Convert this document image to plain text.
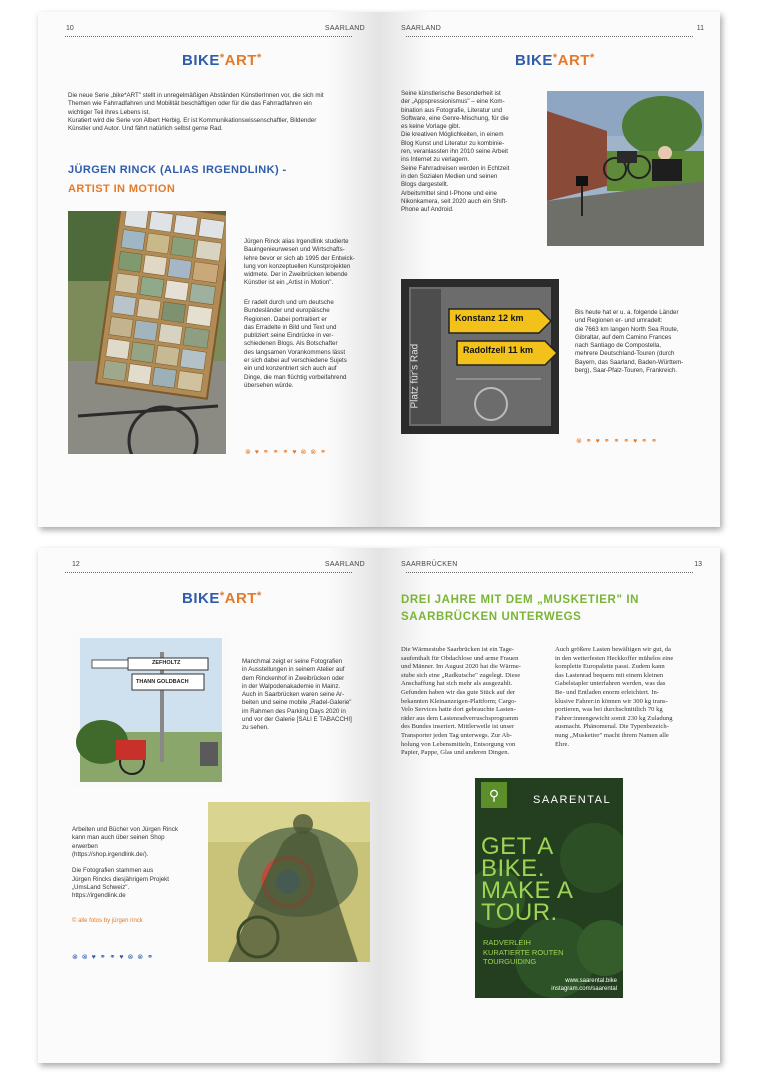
10	SAARLAND
BIKE*ART*
Die neue Serie „bike*ART" stellt in unregelmäßigen Abständen KünstlerInnen vor, die sich mit
Themen wie Fahrradfahren und Mobilität beschäftigen oder für die das Fahrradfahren ein
wichtiger Teil ihres Lebens ist.
Kuratiert wird die Serie von Albert Herbig. Er ist Kommunikationswissenschaftler, Bildender
Künstler und Autor. Und fährt natürlich selbst gerne Rad.
JÜRGEN RINCK (ALIAS IRGENDLINK) -
ARTIST IN MOTION
Jürgen Rinck alias Irgendlink studierte
Bauingenieurwesen und Wirtschafts-
lehre bevor er sich ab 1995 der Entwick-
lung von konzeptuellen Kunstprojekten
widmete. Der in Zweibrücken lebende
Künstler ist ein „Artist in Motion".
Er radelt durch und um deutsche
Bundesländer und europäische
Regionen. Dabei portraitiert er
das Erradelte in Bild und Text und
publiziert seine Eindrücke in ver-
schiedenen Blogs. Als Botschafter
des langsamen Vorankommens lässt
er sich dabei auf verschiedene Sujets
ein und konzentriert sich auch auf
Dinge, die man flüchtig vorbeifahrend
übersehen würde.
⊗ ♥ ⚭ ⚭ ⚭ ♥ ⊗ ⊗ ⚭
SAARLAND	11
BIKE*ART*
Seine künstlerische Besonderheit ist
der „Appspressionismus" – eine Kom-
bination aus Fotografie, Literatur und
Software, eine Genre-Mischung, für die
es keine Vorlage gibt.
Die kreativen Möglichkeiten, in einem
Blog Kunst und Literatur zu kombinie-
ren, veranlassten ihn 2010 seine Arbeit
ins Internet zu verlagern.
Seine Fahrradreisen werden in Echtzeit
in den Sozialen Medien und seinen
Blogs dargestellt.
Arbeitsmittel sind I-Phone und eine
Nikonkamera, seit 2020 auch ein Shift-
Phone auf Android.
Konstanz 12 km
Radolfzell 11 km
Platz für's Rad
Bis heute hat er u. a. folgende Länder
und Regionen er- und umradelt:
die 7663 km langen North Sea Route,
Gibraltar, auf dem Camino Frances
nach Santiago de Compostella,
mehrere Deutschland-Touren (durch
Bayern, das Saarland, Baden-Württem-
berg), Saar-Pfalz-Touren, Frankreich.
⊗ ⚭ ♥ ⚭ ⚭ ⚭ ♥ ⚭ ⚭
12	SAARLAND
BIKE*ART*
ZEFHOLTZ
THANN GOLDBACH
Manchmal zeigt er seine Fotografien
in Ausstellungen in seinem Atelier auf
dem Rinckenhof in Zweibrücken oder
in der Walpodenakademie in Mainz.
Auch in Saarbrücken waren seine Ar-
beiten und seine mobile „Radel-Galerie"
im Rahmen des Parking Days 2020 in
und vor der Galerie [SALI E TABACCHI]
zu sehen.
Arbeiten und Bücher von Jürgen Rinck
kann man auch über seinen Shop
erwerben
(https://shop.irgendlink.de/).

Die Fotografien stammen aus
Jürgen Rincks diesjährigem Projekt
„UmsLand Schweiz".
https://irgendlink.de
© alle fotos by jürgen rinck
⊗ ⊗ ♥ ⚭ ⚭ ♥ ⊗ ⊗ ⚭
SAARBRÜCKEN	13
DREI JAHRE MIT DEM „MUSKETIER" IN
SAARBRÜCKEN UNTERWEGS
Die Wärmestube Saarbrücken ist ein Tage-
saufenthalt für Obdachlose und arme Frauen
und Männer. Im August 2020 hat die Wärme-
stube sich eine „Radkutsche" zugelegt. Diese
Anschaffung hat sich mehr als ausgezahlt.
Gefunden haben wir das gute Stück auf der
bekannten Kleinanzeigen-Plattform; Cargo-
Velo Services hatte dort gebrauchte Lasten-
räder aus dem Lastenradverruschsprogramm
des Bundes inseriert. Mittlerweile ist unser
Transporter jeden Tag unterwegs. Zur Ab-
holung von Lebensmitteln, Entsorgung von
Papier, Pappe, Glas und anderen Dingen.
Auch größere Lasten bewältigen wir gut, da
in den wetterfesten Heckkoffer mühelos eine
komplette Europalette passt. Zudem kann
das Lastenrad bequem mit einem kleinen
Gabelstapler unterfahren werden, was das
Be- und Entladen enorm erleichtert. In-
klusive Fahrer:in können wir 300 kg trans-
portieren, was bei durchschnittlich 70 kg
Fahrer:innengewicht somit 230 kg Zuladung
ausmacht. Phänomenal. Die Typenbezeich-
nung „Musketier" macht ihrem Namen alle
Ehre.
⚲	SAARENTAL
GET A
BIKE.
MAKE A
TOUR.
RADVERLEIH
KURATIERTE ROUTEN
TOURGUIDING
www.saarental.bike
instagram.com/saarental
